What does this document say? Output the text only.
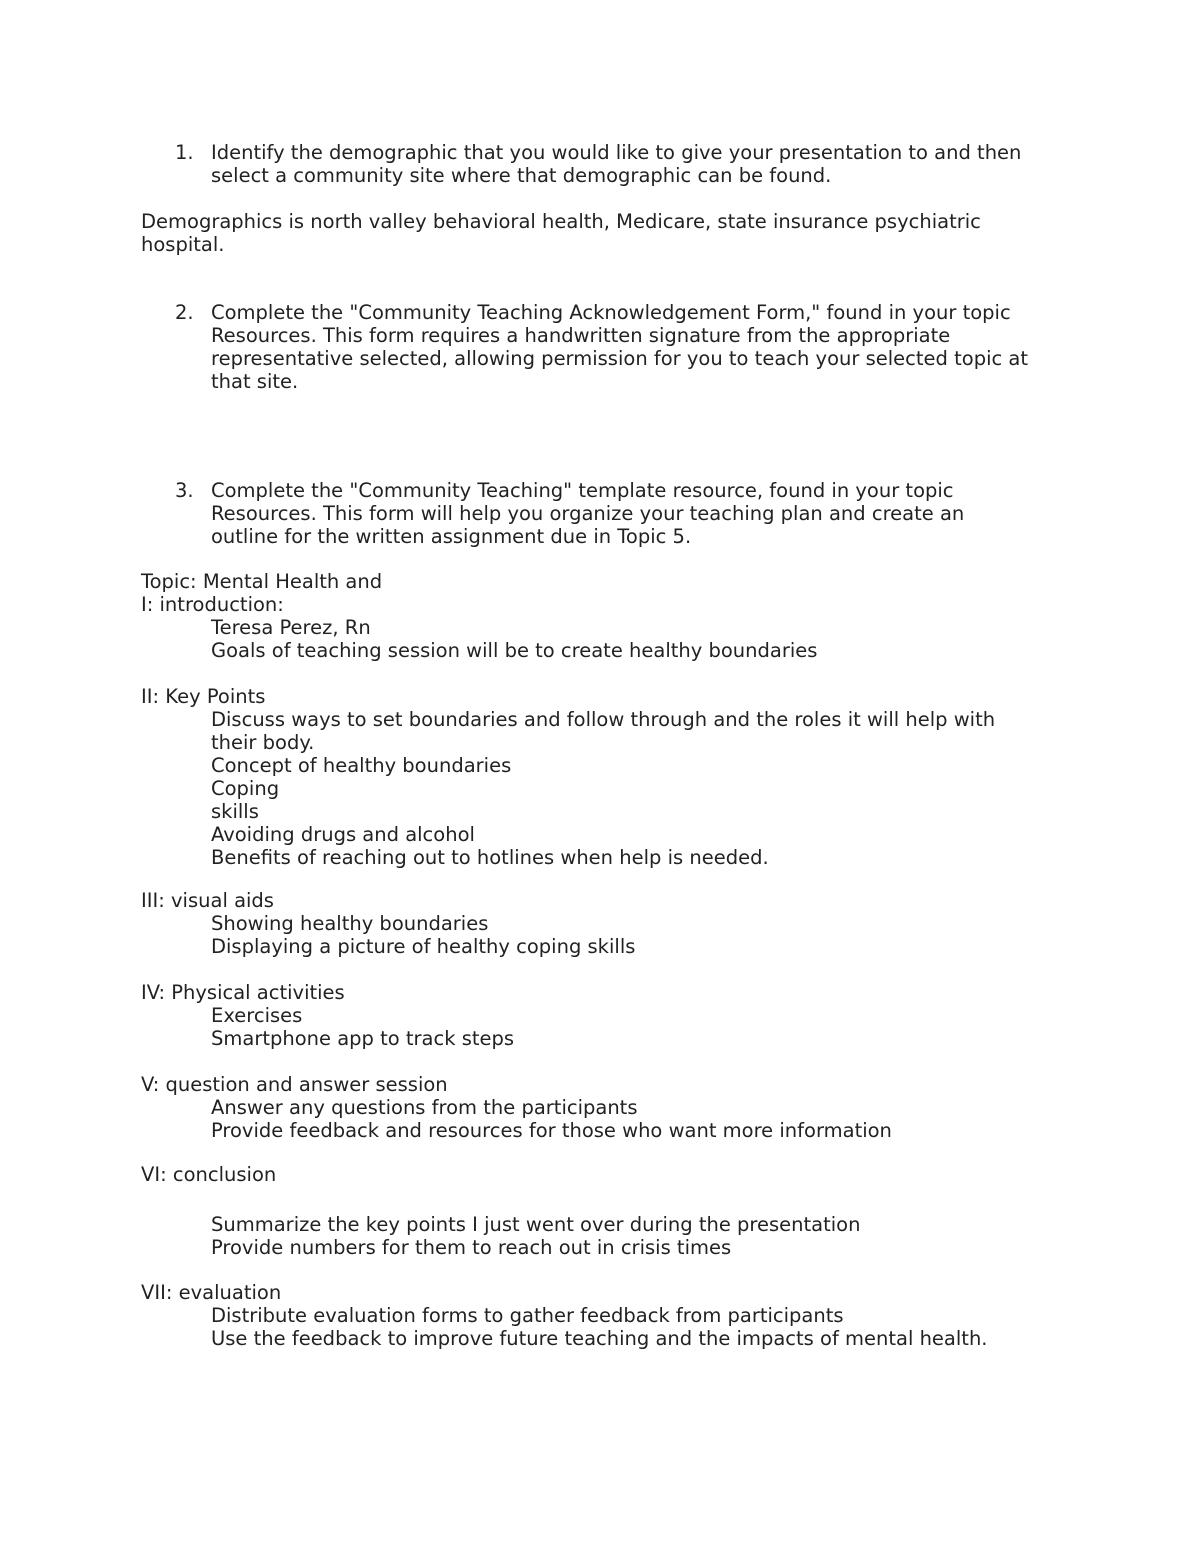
1. Identify the demographic that you would like to give your presentation to and then
select a community site where that demographic can be found.
Demographics is north valley behavioral health, Medicare, state insurance psychiatric
hospital.
2. Complete the "Community Teaching Acknowledgement Form," found in your topic
Resources. This form requires a handwritten signature from the appropriate
representative selected, allowing permission for you to teach your selected topic at
that site.
3. Complete the "Community Teaching" template resource, found in your topic
Resources. This form will help you organize your teaching plan and create an
outline for the written assignment due in Topic 5.
Topic: Mental Health and
I: introduction:
Teresa Perez, Rn
Goals of teaching session will be to create healthy boundaries
II: Key Points
Discuss ways to set boundaries and follow through and the roles it will help with
their body.
Concept of healthy boundaries
Coping
skills
Avoiding drugs and alcohol
Benefits of reaching out to hotlines when help is needed.
III: visual aids
Showing healthy boundaries
Displaying a picture of healthy coping skills
IV: Physical activities
Exercises
Smartphone app to track steps
V: question and answer session
Answer any questions from the participants
Provide feedback and resources for those who want more information
VI: conclusion
Summarize the key points I just went over during the presentation
Provide numbers for them to reach out in crisis times
VII: evaluation
Distribute evaluation forms to gather feedback from participants
Use the feedback to improve future teaching and the impacts of mental health.
